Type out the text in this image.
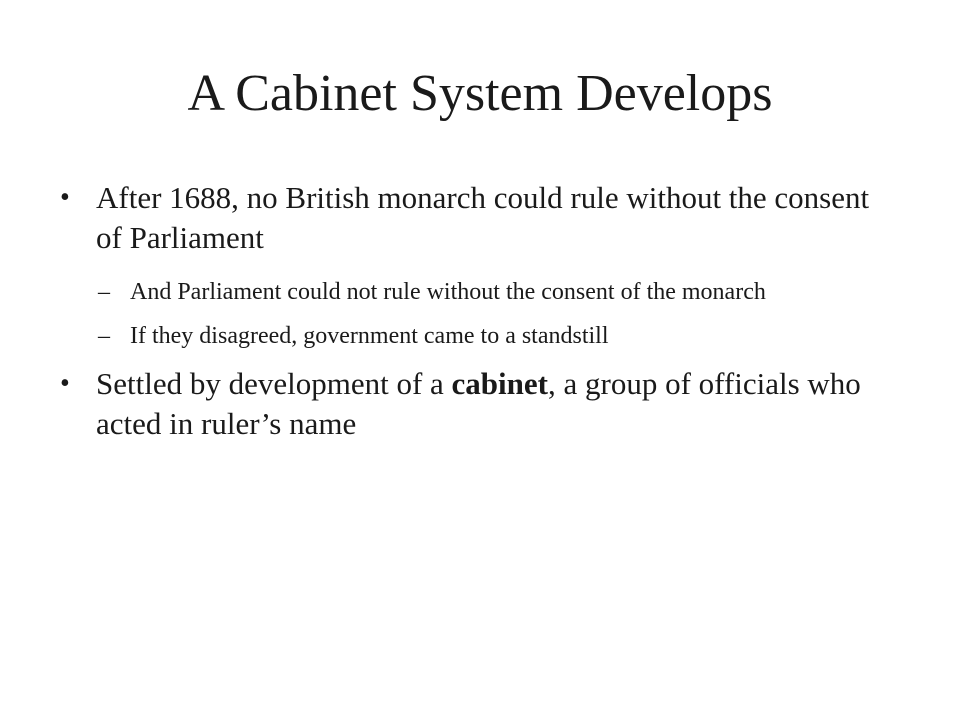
A Cabinet System Develops
• After 1688, no British monarch could rule without the consent of Parliament
– And Parliament could not rule without the consent of the monarch
– If they disagreed, government came to a standstill
• Settled by development of a cabinet, a group of officials who acted in ruler’s name
